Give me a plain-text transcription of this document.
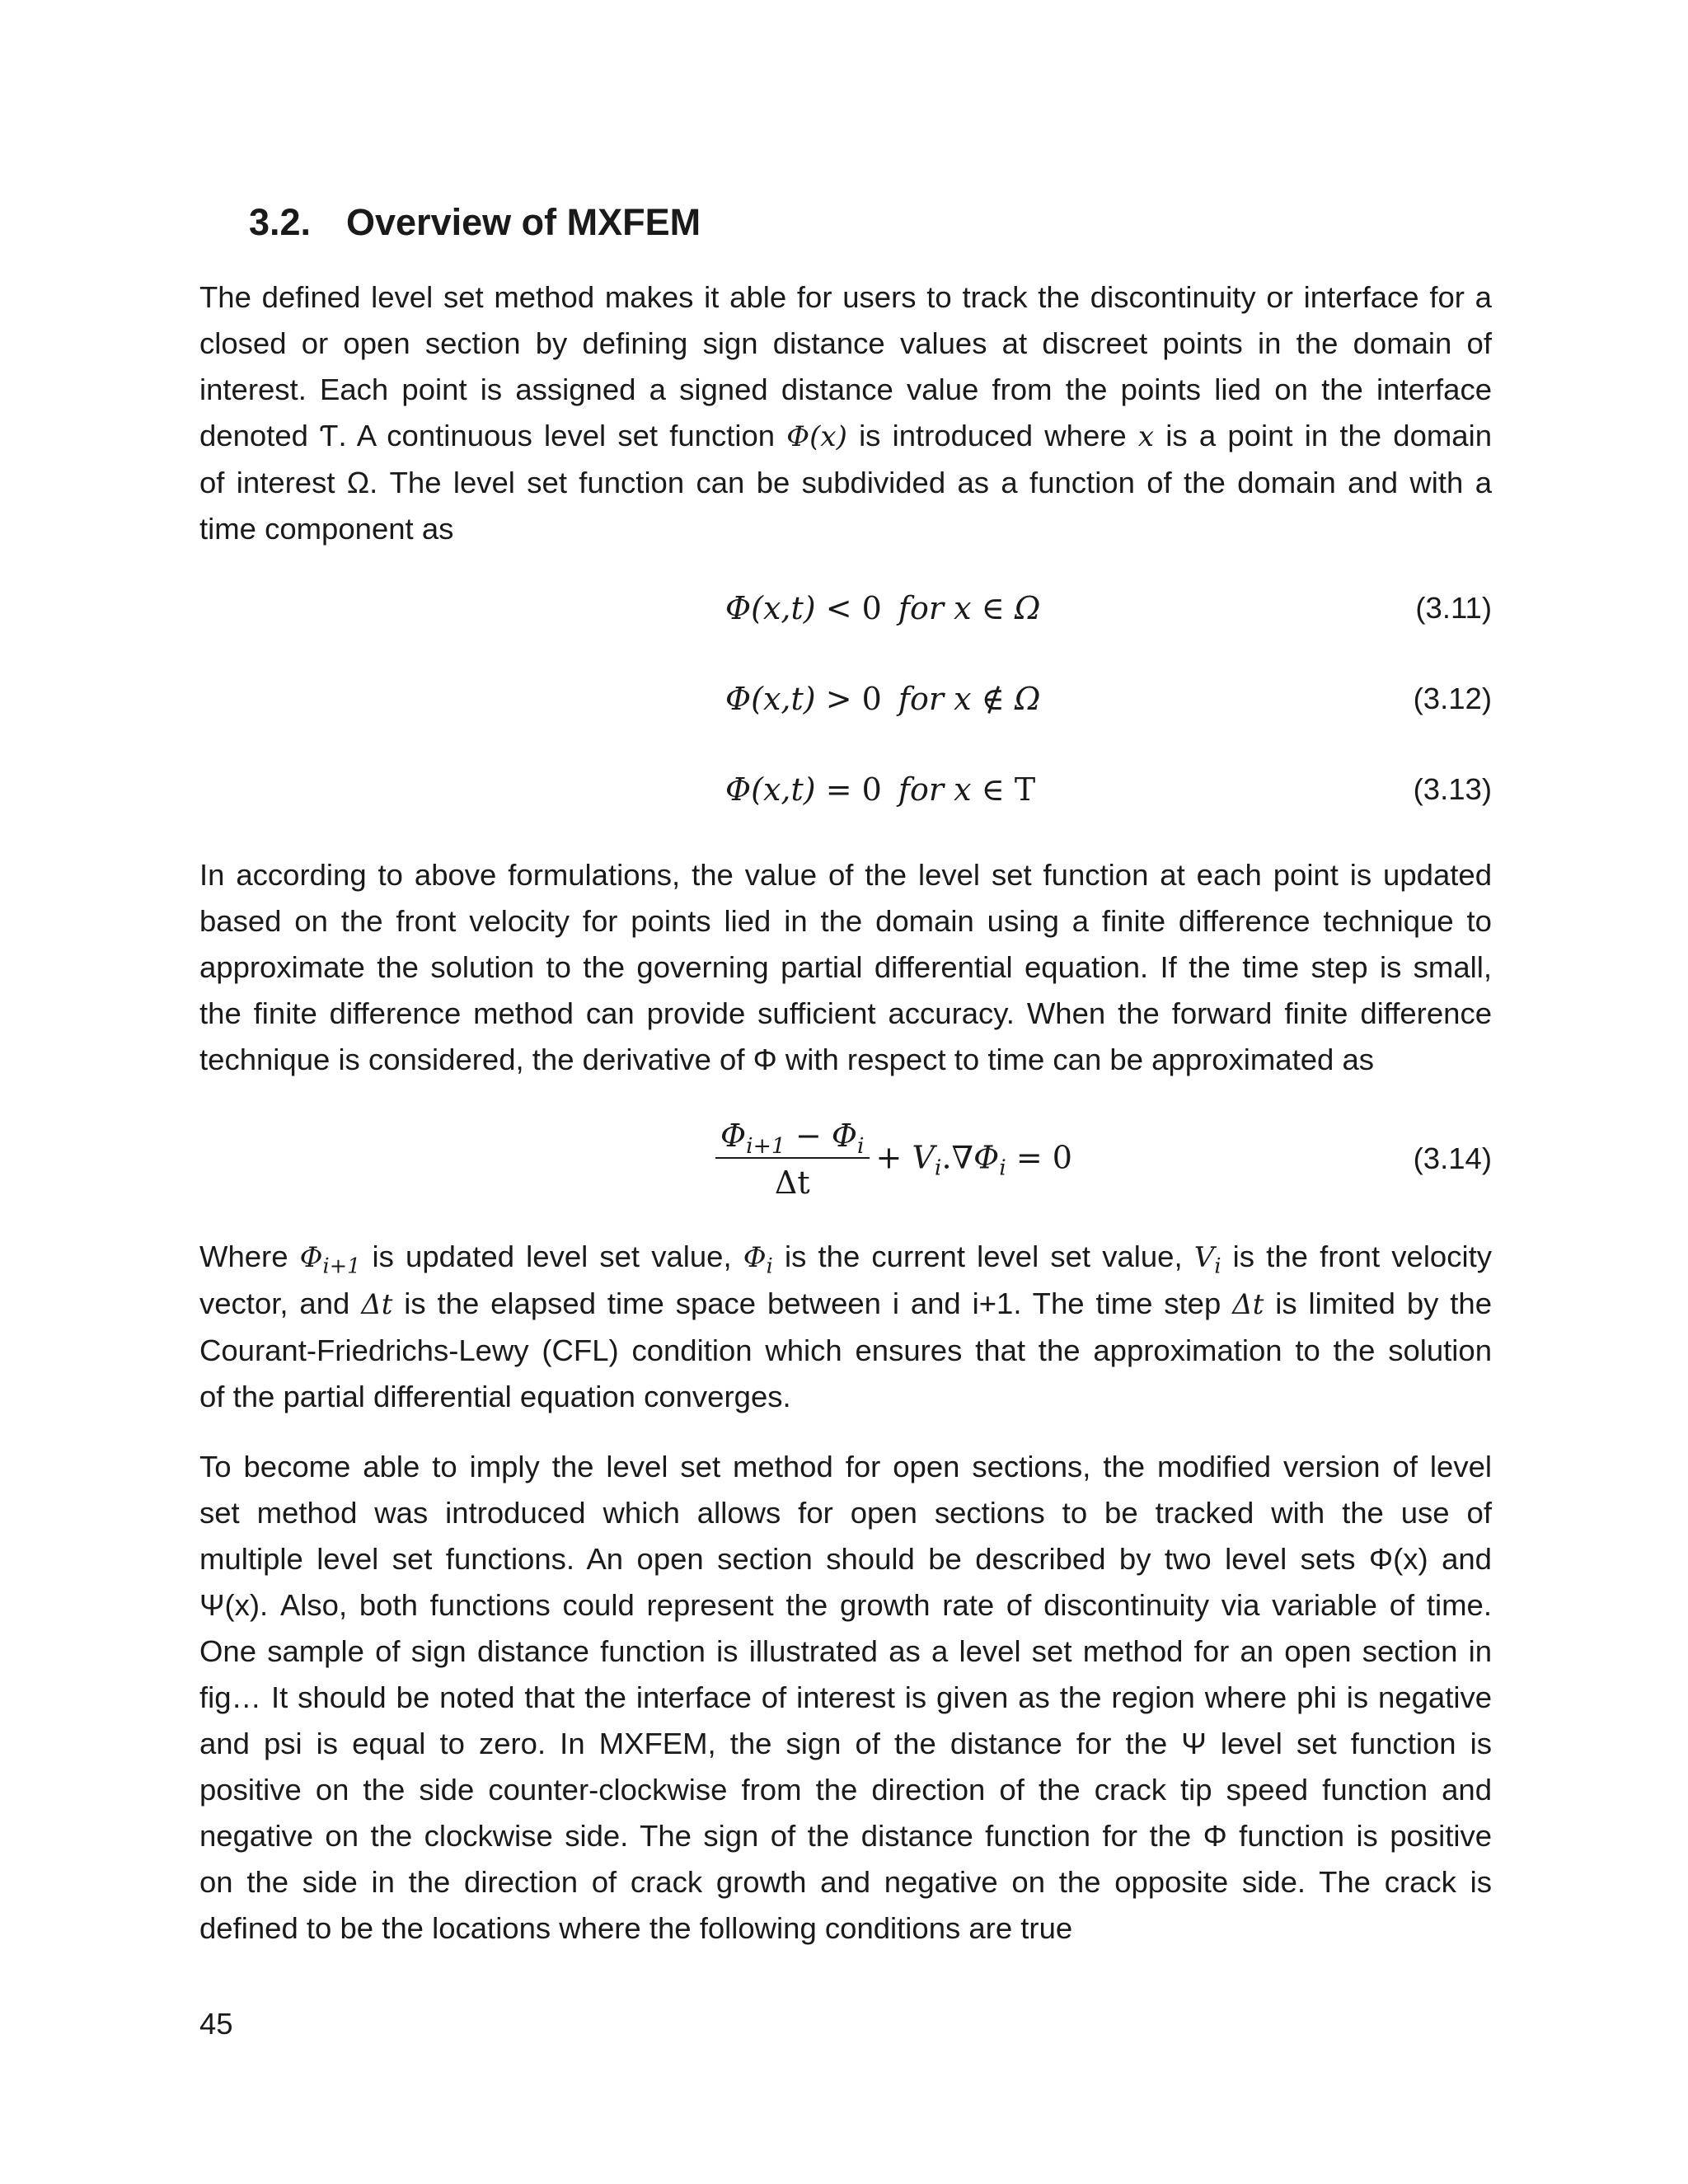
3.2. Overview of MXFEM
The defined level set method makes it able for users to track the discontinuity or interface for a
closed or open section by defining sign distance values at discreet points in the domain of
interest. Each point is assigned a signed distance value from the points lied on the interface
denoted Ƭ. A continuous level set function Φ(x) is introduced where x is a point in the domain
of interest Ω. The level set function can be subdivided as a function of the domain and with a
time component as
Φ(x,t) < 0 for x ∈ Ω	(3.11)
Φ(x,t) > 0 for x ∉ Ω	(3.12)
Φ(x,t) = 0 for x ∈ Τ	(3.13)
In according to above formulations, the value of the level set function at each point is updated
based on the front velocity for points lied in the domain using a finite difference technique to
approximate the solution to the governing partial differential equation. If the time step is small,
the finite difference method can provide sufficient accuracy. When the forward finite difference
technique is considered, the derivative of Φ with respect to time can be approximated as
$\frac{\Phi_{i+1} - \Phi_i}{\Delta t} + V_i.\nabla\Phi_i = 0$	(3.14)
Where $\Phi_{i+1}$ is updated level set value, $\Phi_i$ is the current level set value, $V_i$ is the front velocity
vector, and Δt is the elapsed time space between i and i+1. The time step Δt is limited by the
Courant-Friedrichs-Lewy (CFL) condition which ensures that the approximation to the solution
of the partial differential equation converges.
To become able to imply the level set method for open sections, the modified version of level
set method was introduced which allows for open sections to be tracked with the use of
multiple level set functions. An open section should be described by two level sets Φ(x) and
Ψ(x). Also, both functions could represent the growth rate of discontinuity via variable of time.
One sample of sign distance function is illustrated as a level set method for an open section in
fig… It should be noted that the interface of interest is given as the region where phi is negative
and psi is equal to zero. In MXFEM, the sign of the distance for the Ψ level set function is
positive on the side counter-clockwise from the direction of the crack tip speed function and
negative on the clockwise side. The sign of the distance function for the Φ function is positive
on the side in the direction of crack growth and negative on the opposite side. The crack is
defined to be the locations where the following conditions are true
45
